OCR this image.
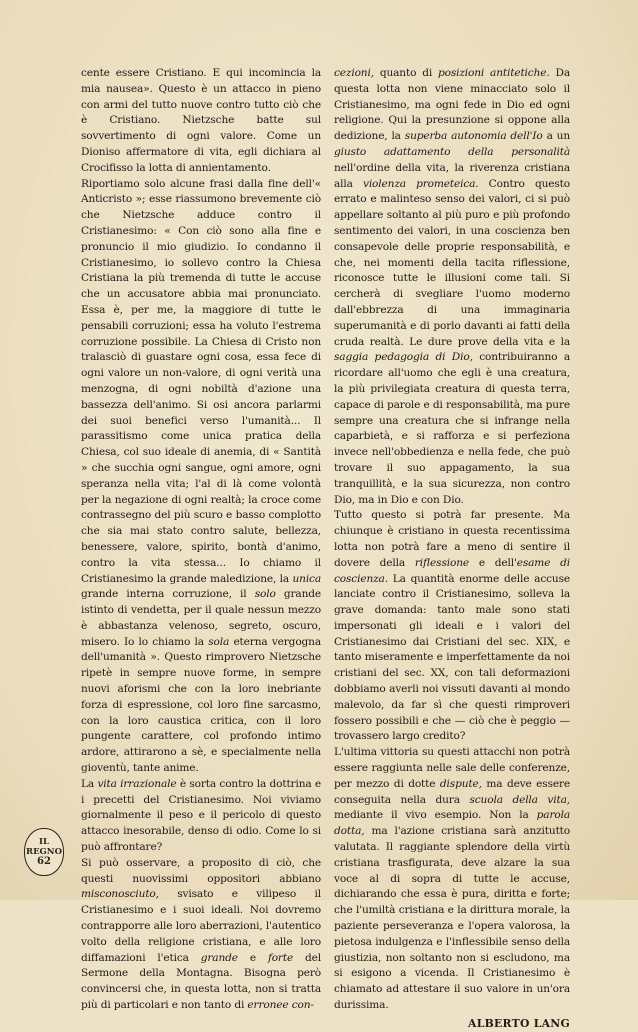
cente essere Cristiano. E qui incomincia la mia nausea». Questo è un attacco in pieno con armi del tutto nuove contro tutto ciò che è Cristiano. Nietzsche batte sul sovvertimento di ogni valore. Come un Dioniso affermatore di vita, egli dichiara al Crocifisso la lotta di annientamento.

Riportiamo solo alcune frasi dalla fine dell'« Anticristo »; esse riassumono brevemente ciò che Nietzsche adduce contro il Cristianesimo: « Con ciò sono alla fine e pronuncio il mio giudizio. Io condanno il Cristianesimo, io sollevo contro la Chiesa Cristiana la più tremenda di tutte le accuse che un accusatore abbia mai pronunciato. Essa è, per me, la maggiore di tutte le pensabili corruzioni; essa ha voluto l'estrema corruzione possibile. La Chiesa di Cristo non tralasciò di guastare ogni cosa, essa fece di ogni valore un non-valore, di ogni verità una menzogna, di ogni nobiltà d'azione una bassezza dell'animo. Si osi ancora parlarmi dei suoi benefici verso l'umanità... Il parassitismo come unica pratica della Chiesa, col suo ideale di anemia, di « Santità » che succhia ogni sangue, ogni amore, ogni speranza nella vita; l'al di là come volontà per la negazione di ogni realtà; la croce come contrassegno del più scuro e basso complotto che sia mai stato contro salute, bellezza, benessere, valore, spirito, bontà d'animo, contro la vita stessa... Io chiamo il Cristianesimo la grande maledizione, la unica grande interna corruzione, il solo grande istinto di vendetta, per il quale nessun mezzo è abbastanza velenoso, segreto, oscuro, misero. Io lo chiamo la sola eterna vergogna dell'umanità ». Questo rimprovero Nietzsche ripetè in sempre nuove forme, in sempre nuovi aforismi che con la loro inebriante forza di espressione, col loro fine sarcasmo, con la loro caustica critica, con il loro pungente carattere, col profondo intimo ardore, attirarono a sè, e specialmente nella gioventù, tante anime.

La vita irrazionale è sorta contro la dottrina e i precetti del Cristianesimo. Noi viviamo giornalmente il peso e il pericolo di questo attacco inesorabile, denso di odio. Come lo si può affrontare?

Si può osservare, a proposito di ciò, che questi nuovissimi oppositori abbiano misconosciuto, svisato e vilipeso il Cristianesimo e i suoi ideali. Noi dovremo contrapporre alle loro aberrazioni, l'autentico volto della religione cristiana, e alle loro diffamazioni l'etica grande e forte del Sermone della Montagna. Bisogna però convincersi che, in questa lotta, non si tratta più di particolari e non tanto di erronee con-

cezioni, quanto di posizioni antitetiche. Da questa lotta non viene minacciato solo il Cristianesimo, ma ogni fede in Dio ed ogni religione. Qui la presunzione si oppone alla dedizione, la superba autonomia dell'Io a un giusto adattamento della personalità nell'ordine della vita, la riverenza cristiana alla violenza prometeica. Contro questo errato e malinteso senso dei valori, ci si può appellare soltanto al più puro e più profondo sentimento dei valori, in una coscienza ben consapevole delle proprie responsabilità, e che, nei momenti della tacita riflessione, riconosce tutte le illusioni come tali. Si cercherà di svegliare l'uomo moderno dall'ebbrezza di una immaginaria superumanità e di porlo davanti ai fatti della cruda realtà. Le dure prove della vita e la saggia pedagogia di Dio, contribuiranno a ricordare all'uomo che egli è una creatura, la più privilegiata creatura di questa terra, capace di parole e di responsabilità, ma pure sempre una creatura che si infrange nella caparbietà, e si rafforza e si perfeziona invece nell'obbedienza e nella fede, che può trovare il suo appagamento, la sua tranquillità, e la sua sicurezza, non contro Dio, ma in Dio e con Dio.

Tutto questo si potrà far presente. Ma chiunque è cristiano in questa recentissima lotta non potrà fare a meno di sentire il dovere della riflessione e dell'esame di coscienza. La quantità enorme delle accuse lanciate contro il Cristianesimo, solleva la grave domanda: tanto male sono stati impersonati gli ideali e i valori del Cristianesimo dai Cristiani del sec. XIX, e tanto miseramente e imperfettamente da noi cristiani del sec. XX, con tali deformazioni dobbiamo averli noi vissuti davanti al mondo malevolo, da far sì che questi rimproveri fossero possibili e che — ciò che è peggio — trovassero largo credito?

L'ultima vittoria su questi attacchi non potrà essere raggiunta nelle sale delle conferenze, per mezzo di dotte dispute, ma deve essere conseguita nella dura scuola della vita, mediante il vivo esempio. Non la parola dotta, ma l'azione cristiana sarà anzitutto valutata. Il raggiante splendore della virtù cristiana trasfigurata, deve alzare la sua voce al di sopra di tutte le accuse, dichiarando che essa è pura, diritta e forte; che l'umiltà cristiana e la dirittura morale, la paziente perseveranza e l'opera valorosa, la pietosa indulgenza e l'inflessibile senso della giustizia, non soltanto non si escludono, ma si esigono a vicenda. Il Cristianesimo è chiamato ad attestare il suo valore in un'ora durissima.

ALBERTO LANG
IL
REGNO
62
